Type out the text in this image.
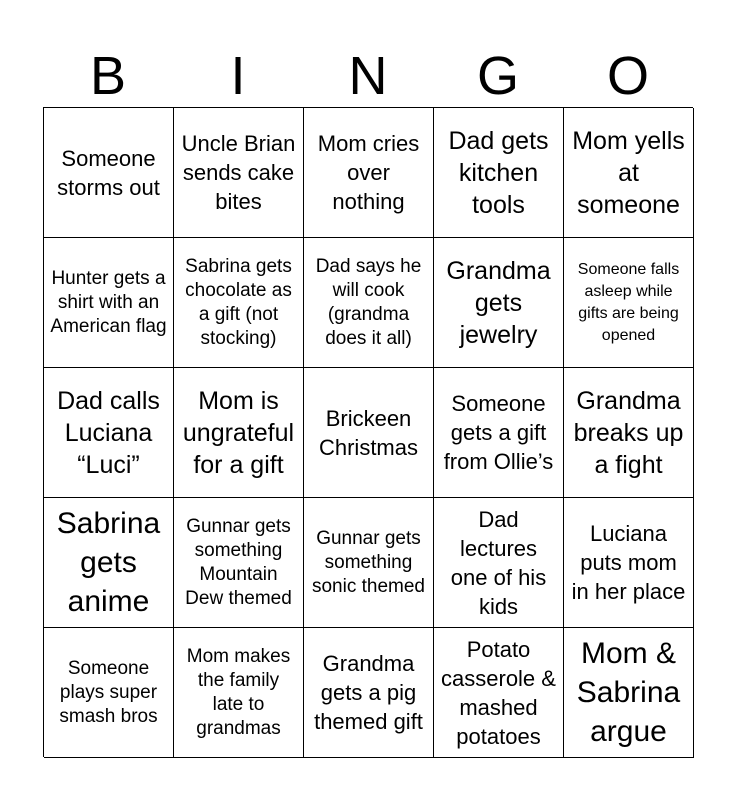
B	I	N	G	O
Someone storms out
Uncle Brian sends cake bites
Mom cries over nothing
Dad gets kitchen tools
Mom yells at someone
Hunter gets a shirt with an American flag
Sabrina gets chocolate as a gift (not stocking)
Dad says he will cook (grandma does it all)
Grandma gets jewelry
Someone falls asleep while gifts are being opened
Dad calls Luciana “Luci”
Mom is ungrateful for a gift
Brickeen Christmas
Someone gets a gift from Ollie’s
Grandma breaks up a fight
Sabrina gets anime
Gunnar gets something Mountain Dew themed
Gunnar gets something sonic themed
Dad lectures one of his kids
Luciana puts mom in her place
Someone plays super smash bros
Mom makes the family late to grandmas
Grandma gets a pig themed gift
Potato casserole & mashed potatoes
Mom & Sabrina argue
